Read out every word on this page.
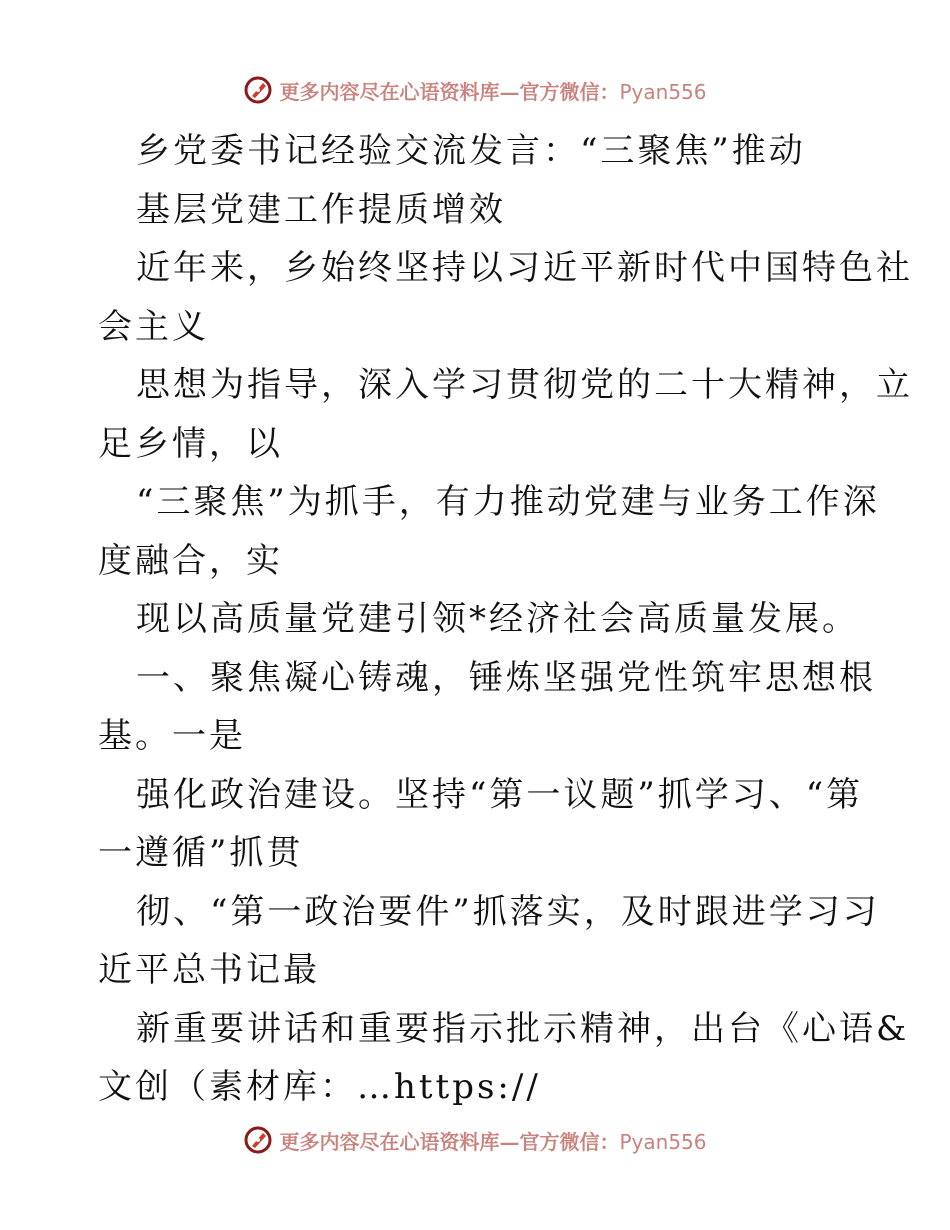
更多内容尽在心语资料库—官方微信：Pyan556
乡党委书记经验交流发言：“三聚焦”推动
基层党建工作提质增效
近年来，乡始终坚持以习近平新时代中国特色社
会主义
思想为指导，深入学习贯彻党的二十大精神，立
足乡情，以
“三聚焦”为抓手，有力推动党建与业务工作深
度融合，实
现以高质量党建引领*经济社会高质量发展。
一、聚焦凝心铸魂，锤炼坚强党性筑牢思想根
基。一是
强化政治建设。坚持“第一议题”抓学习、“第
一遵循”抓贯
彻、“第一政治要件”抓落实，及时跟进学习习
近平总书记最
新重要讲话和重要指示批示精神，出台《心语&
文创（素材库：…https://
更多内容尽在心语资料库—官方微信：Pyan556
